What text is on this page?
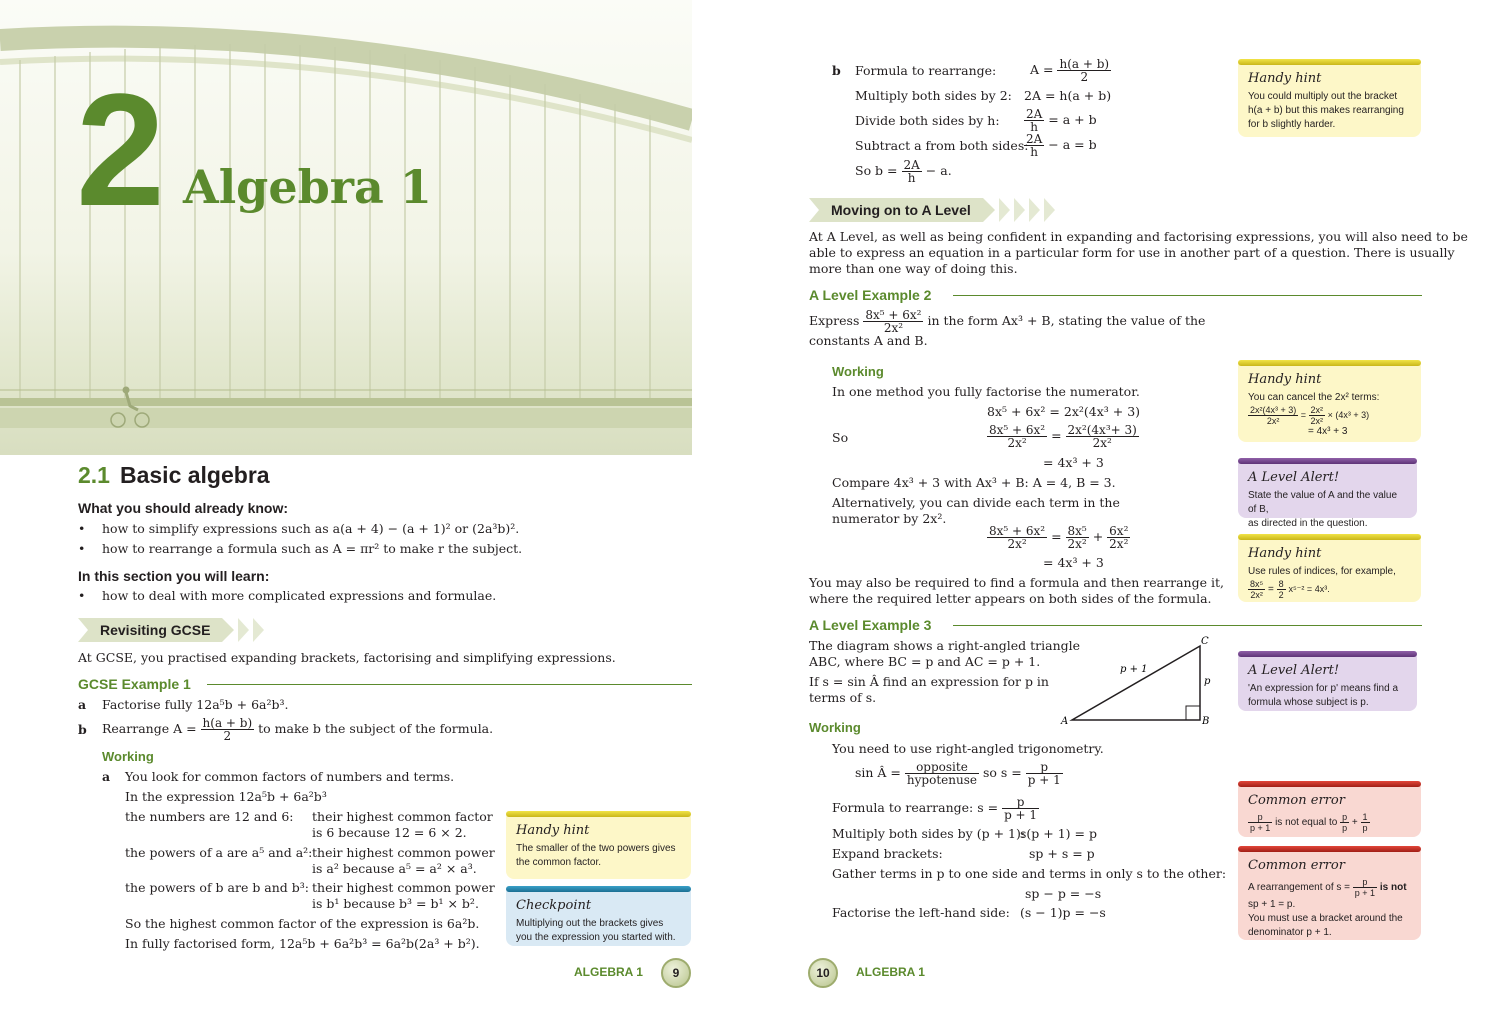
2 Algebra 1
2.1 Basic algebra
What you should already know:
• how to simplify expressions such as a(a + 4) − (a + 1)² or (2a³b)².
• how to rearrange a formula such as A = πr² to make r the subject.
In this section you will learn:
• how to deal with more complicated expressions and formulae.
Revisiting GCSE
At GCSE, you practised expanding brackets, factorising and simplifying expressions.
GCSE Example 1
a Factorise fully 12a⁵b + 6a²b³.
b Rearrange $A = \frac{h(a + b)}{2}$ to make b the subject of the formula.
Working
a You look for common factors of numbers and terms.
In the expression 12a⁵b + 6a²b³
the numbers are 12 and 6: their highest common factor
is 6 because 12 = 6 × 2.
the powers of a are a⁵ and a²: their highest common power
is a² because a⁵ = a² × a³.
the powers of b are b and b³: their highest common power
is b¹ because b³ = b¹ × b².
So the highest common factor of the expression is 6a²b.
In fully factorised form, 12a⁵b + 6a²b³ = 6a²b(2a³ + b²).
Handy hint
The smaller of the two powers gives the common factor.
Checkpoint
Multiplying out the brackets gives you the expression you started with.
ALGEBRA 1	9
b Formula to rearrange:	$A = \frac{h(a + b)}{2}$
Multiply both sides by 2: 2A = h(a + b)
Divide both sides by h: $\frac{2A}{h} = a + b$
Subtract a from both sides:
$\frac{2A}{h} - a = b$
So $b = \frac{2A}{h} - a$.
Moving on to A Level
At A Level, as well as being confident in expanding and factorising expressions, you will also need to be
able to express an equation in a particular form for use in another part of a question. There is usually
more than one way of doing this.
A Level Example 2
Express $\frac{\text{8x⁵ + 6x²}}{\text{2x²}}$ in the form Ax³ + B, stating the value of the
constants A and B.
Working
In one method you fully factorise the numerator.
8x⁵ + 6x² = 2x²(4x³ + 3)
So	$\frac{\text{8x⁵ + 6x²}}{\text{2x²}} = \frac{\text{2x²(4x³+ 3)}}{\text{2x²}}$
= 4x³ + 3
Compare 4x³ + 3 with Ax³ + B: A = 4, B = 3.
Alternatively, you can divide each term in the
numerator by 2x².
$\frac{\text{8x⁵ + 6x²}}{\text{2x²}} = \frac{\text{8x⁵}}{\text{2x²}} + \frac{\text{6x²}}{\text{2x²}}$
= 4x³ + 3
You may also be required to find a formula and then rearrange it,
where the required letter appears on both sides of the formula.
A Level Example 3
The diagram shows a right-angled triangle
ABC, where BC = p and AC = p + 1.
If s = sin Â find an expression for p in
terms of s.
A	B
C
p + 1
p
Working
You need to use right-angled trigonometry.
sin Â = $\frac{\text{opposite}}{\text{hypotenuse}}$ so $s = \frac{p}{p + 1}$
Formula to rearrange: $s = \frac{p}{p + 1}$
Multiply both sides by (p + 1):
s(p + 1) = p
Expand brackets:	sp + s = p
Gather terms in p to one side and terms in only s to the other:
sp − p = −s
Factorise the left-hand side: (s − 1)p = −s
Handy hint
You could multiply out the bracket
h(a + b) but this makes rearranging
for b slightly harder.
Handy hint
You can cancel the 2x² terms:
$\frac{\text{2x²(4x³ + 3)}}{\text{2x²}} = \frac{\text{2x²}}{\text{2x²}} \times (4x^3 + 3)$
= 4x³ + 3
A Level Alert!
State the value of A and the value of B,
as directed in the question.
Handy hint
Use rules of indices, for example,
$\frac{\text{8x⁵}}{\text{2x²}} = \frac{8}{2} x^{5-2} = 4x^3$.
A Level Alert!
'An expression for p' means find a
formula whose subject is p.
Common error
$\frac{p}{p + 1}$ is not equal to $\frac{p}{p} + \frac{1}{p}$
Common error
A rearrangement of $s = \frac{p}{p + 1}$ is not
sp + 1 = p.
You must use a bracket around the
denominator p + 1.
10	ALGEBRA 1
